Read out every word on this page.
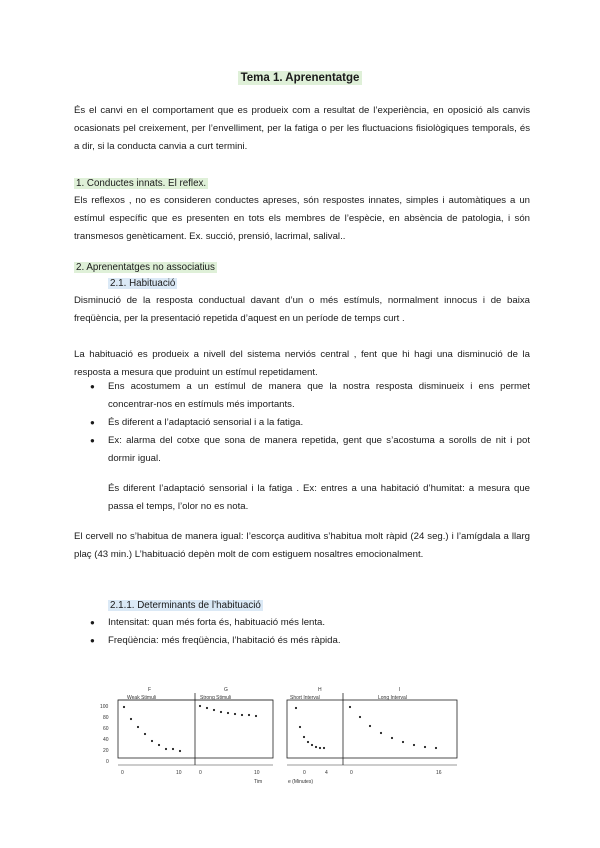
Tema 1. Aprenentatge
És el canvi en el comportament que es produeix com a resultat de l’experiència, en oposició als canvis ocasionats pel creixement, per l’envelliment, per la fatiga o per les fluctuacions fisiològiques temporals, és a dir, si la conducta canvia a curt termini.
1. Conductes innats. El reflex.
Els reflexos , no es consideren conductes apreses, són respostes innates, simples i automàtiques a un estímul específic que es presenten en tots els membres de l’espècie, en absència de patologia, i són transmesos genèticament. Ex. succió, prensió, lacrimal, salival..
2. Aprenentatges no associatius
2.1. Habituació
Disminució de la resposta conductual davant d’un o més estímuls, normalment innocus i de baixa freqüència, per la presentació repetida d’aquest en un període de temps curt .
La habituació es produeix a nivell del sistema nerviós central , fent que hi hagi una disminució de la resposta a mesura que produint un estímul repetidament.
● Ens acostumem a un estímul de manera que la nostra resposta disminueix i ens permet concentrar-nos en estímuls més importants.
● És diferent a l’adaptació sensorial i a la fatiga.
● Ex: alarma del cotxe que sona de manera repetida, gent que s’acostuma a sorolls de nit i pot dormir igual.
És diferent l’adaptació sensorial i la fatiga . Ex: entres a una habitació d’humitat: a mesura que passa el temps, l’olor no es nota.
El cervell no s’habitua de manera igual: l’escorça auditiva s’habitua molt ràpid (24 seg.) i l’amígdala a llarg plaç (43 min.) L’habituació depèn molt de com estiguem nosaltres emocionalment.
2.1.1. Determinants de l’habituació
● Intensitat: quan més forta és, habituació més lenta.
● Freqüència: més freqüència, l’habitació és més ràpida.
F
Weak Stimuli
G
Strong Stimuli
H
Short Interval
I
Long Interval
100
80
60
40
20
0
0	10	0	10
Tim
0	4	0	16
e (Minutes)
